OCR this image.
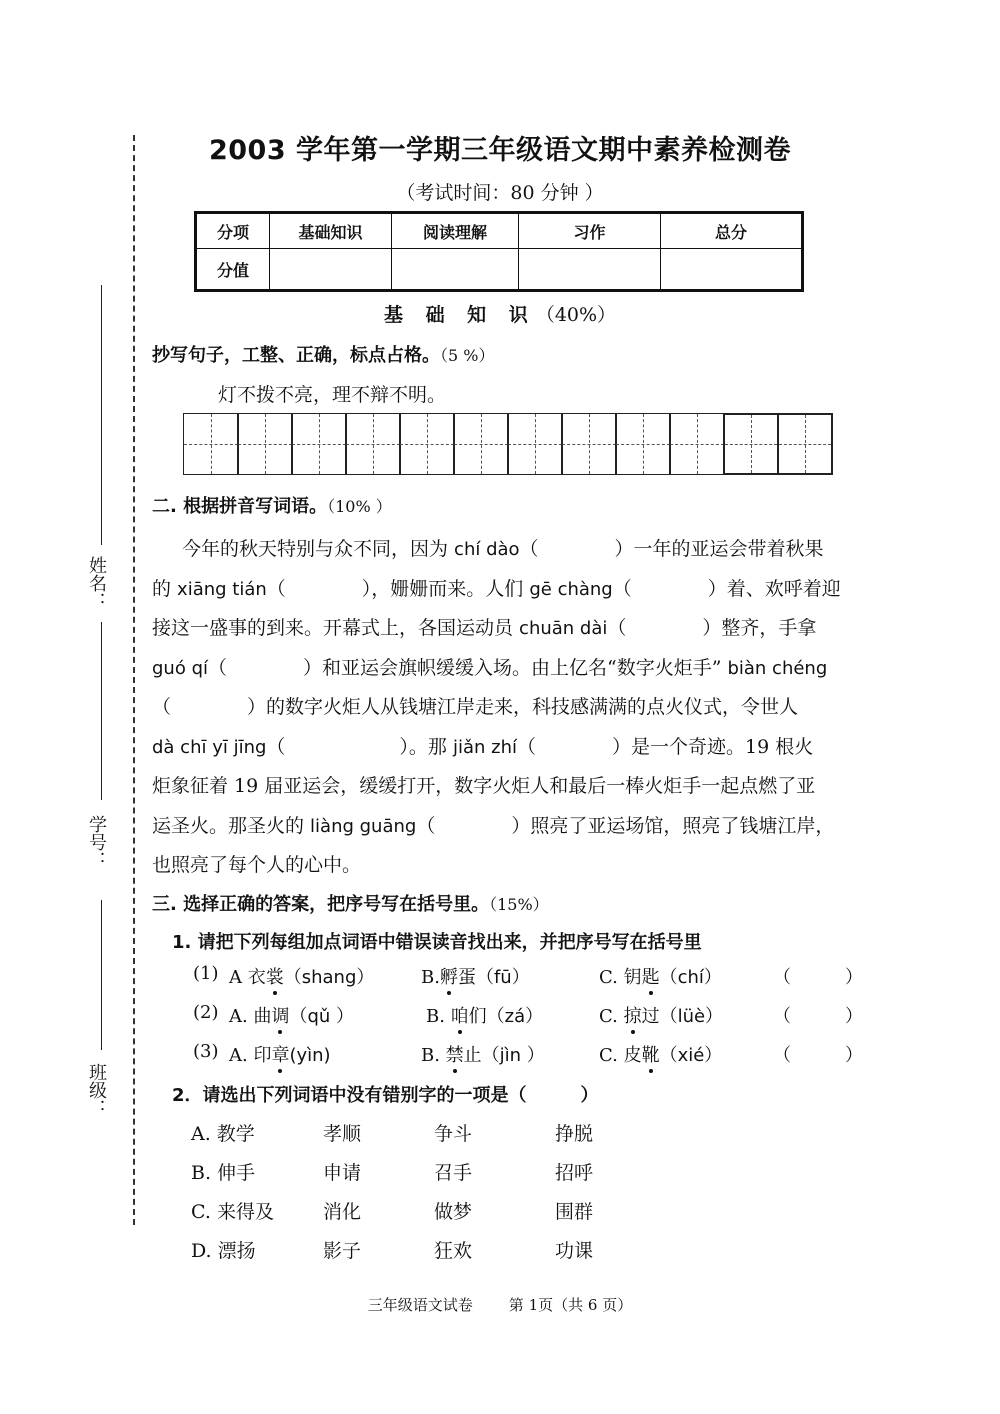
姓名：
学号：
班级：
2003 学年第一学期三年级语文期中素养检测卷
（考试时间：80 分钟 ）
分项	基础知识	阅读理解	习作	总分
分值				
基 础 知 识（40%）
抄写句子，工整、正确，标点占格。（5 %）
灯不拨不亮，理不辩不明。
二. 根据拼音写词语。（10% ）
今年的秋天特别与众不同，因为 chí dào（　　　　）一年的亚运会带着秋果
的 xiāng tián（　　　　），姗姗而来。人们 gē chàng（　　　　）着、欢呼着迎
接这一盛事的到来。开幕式上，各国运动员 chuān dài（　　　　）整齐，手拿
guó qí（　　　　）和亚运会旗帜缓缓入场。由上亿名“数字火炬手” biàn chéng
（　　　　）的数字火炬人从钱塘江岸走来，科技感满满的点火仪式，令世人
dà chī yī jīng（　　　　　　）。那 jiǎn zhí（　　　　）是一个奇迹。19 根火
炬象征着 19 届亚运会，缓缓打开，数字火炬人和最后一棒火炬手一起点燃了亚
运圣火。那圣火的 liàng guāng（　　　　）照亮了亚运场馆，照亮了钱塘江岸，
也照亮了每个人的心中。
三. 选择正确的答案，把序号写在括号里。（15%）
1. 请把下列每组加点词语中错误读音找出来，并把序号写在括号里
(1) A 衣裳（shang）	B.孵蛋（fū）	C. 钥匙（chí）	（　　　）
(2) A. 曲调（qǔ ）	B. 咱们（zá）	C. 掠过（lüè）	（　　　）
(3) A. 印章(yìn)	B. 禁止（jìn ）	C. 皮靴（xié）	（　　　）
2．请选出下列词语中没有错别字的一项是（　　　）
A. 教学	孝顺	争斗	挣脱
B. 伸手	申请	召手	招呼
C. 来得及	消化	做梦	围群
D. 漂扬	影子	狂欢	功课
三年级语文试卷 第 1页（共 6 页）
